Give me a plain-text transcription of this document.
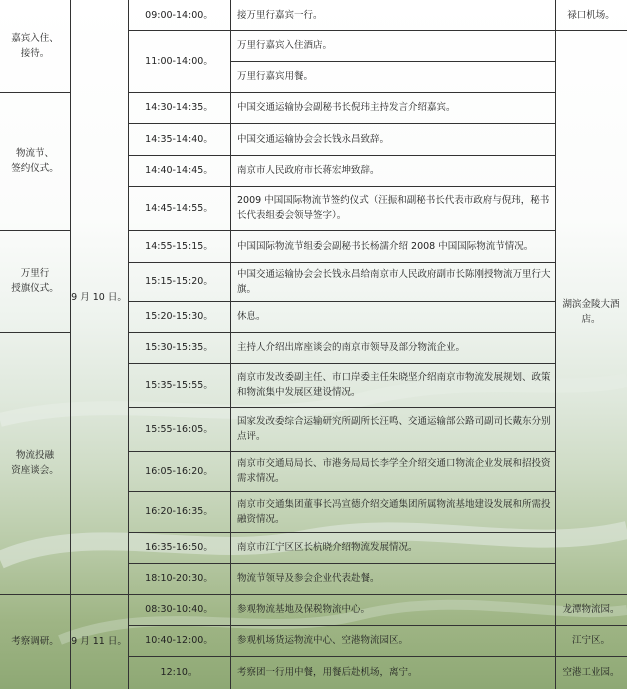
嘉宾入住、
接待。
物流节、
签约仪式。
万里行
授旗仪式。
物流投融
资座谈会。
考察调研。
9 月 10 日。
9 月 11 日。
09:00-14:00。
11:00-14:00。
14:30-14:35。
14:35-14:40。
14:40-14:45。
14:45-14:55。
14:55-15:15。
15:15-15:20。
15:20-15:30。
15:30-15:35。
15:35-15:55。
15:55-16:05。
16:05-16:20。
16:20-16:35。
16:35-16:50。
18:10-20:30。
08:30-10:40。
10:40-12:00。
12:10。
接万里行嘉宾一行。
万里行嘉宾入住酒店。
万里行嘉宾用餐。
中国交通运输协会副秘书长倪玮主持发言介绍嘉宾。
中国交通运输协会会长钱永昌致辞。
南京市人民政府市长蒋宏坤致辞。
2009 中国国际物流节签约仪式（汪振和副秘书长代表市政府与倪玮，秘书长代表组委会领导签字）。
中国国际物流节组委会副秘书长杨濡介绍 2008 中国国际物流节情况。
中国交通运输协会会长钱永昌给南京市人民政府副市长陈刚授物流万里行大旗。
休息。
主持人介绍出席座谈会的南京市领导及部分物流企业。
南京市发改委副主任、市口岸委主任朱晓坚介绍南京市物流发展规划、政策和物流集中发展区建设情况。
国家发改委综合运输研究所副所长汪鸣、交通运输部公路司副司长戴东分别点评。
南京市交通局局长、市港务局局长李学全介绍交通口物流企业发展和招投资需求情况。
南京市交通集团董事长冯宣德介绍交通集团所属物流基地建设发展和所需投融资情况。
南京市江宁区区长杭晓介绍物流发展情况。
物流节领导及参会企业代表赴餐。
参观物流基地及保税物流中心。
参观机场货运物流中心、空港物流园区。
考察团一行用中餐，用餐后赴机场，离宁。
禄口机场。
湖滨金陵大酒店。
龙潭物流园。
江宁区。
空港工业园。
